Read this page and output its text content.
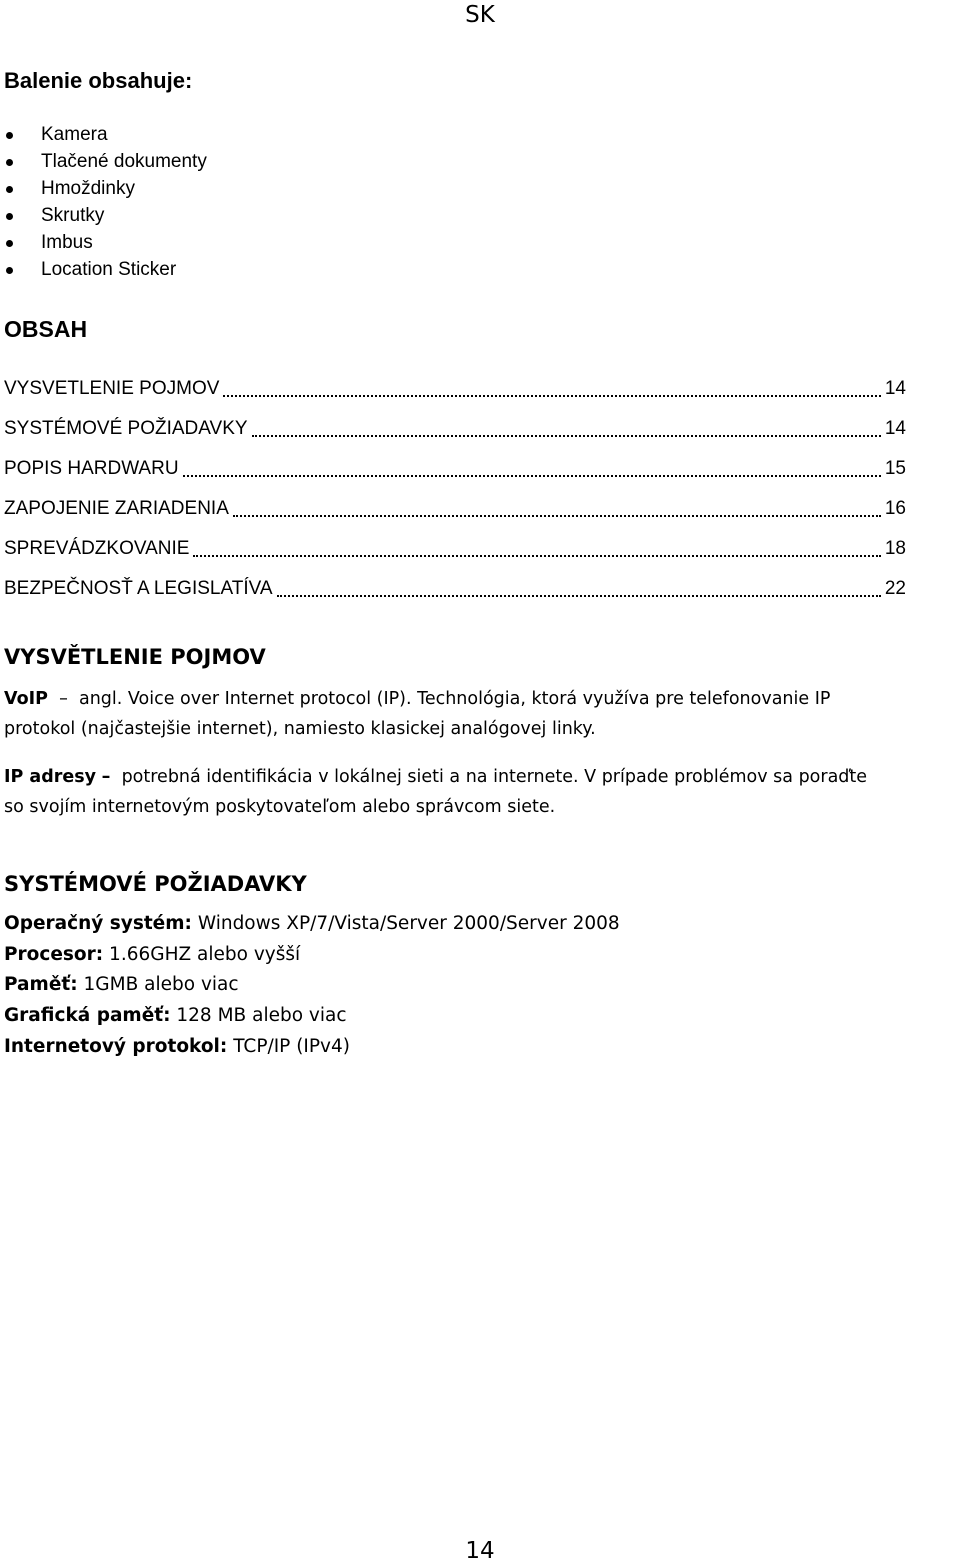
SK
Balenie obsahuje:
Kamera
Tlačené dokumenty
Hmoždinky
Skrutky
Imbus
Location Sticker
OBSAH
VYSVETLENIE POJMOV	14
SYSTÉMOVÉ POŽIADAVKY	14
POPIS HARDWARU	15
ZAPOJENIE ZARIADENIA	16
SPREVÁDZKOVANIE	18
BEZPEČNOSŤ A LEGISLATÍVA	22
VYSVĚTLENIE POJMOV
VoIP – angl. Voice over Internet protocol (IP). Technológia, ktorá využíva pre telefonovanie IP
protokol (najčastejšie internet), namiesto klasickej analógovej linky.
IP adresy – potrebná identifikácia v lokálnej sieti a na internete. V prípade problémov sa poraďte
so svojím internetovým poskytovateľom alebo správcom siete.
SYSTÉMOVÉ POŽIADAVKY
Operačný systém: Windows XP/7/Vista/Server 2000/Server 2008
Procesor: 1.66GHZ alebo vyšší
Paměť: 1GMB alebo viac
Grafická paměť: 128 MB alebo viac
Internetový protokol: TCP/IP (IPv4)
14
